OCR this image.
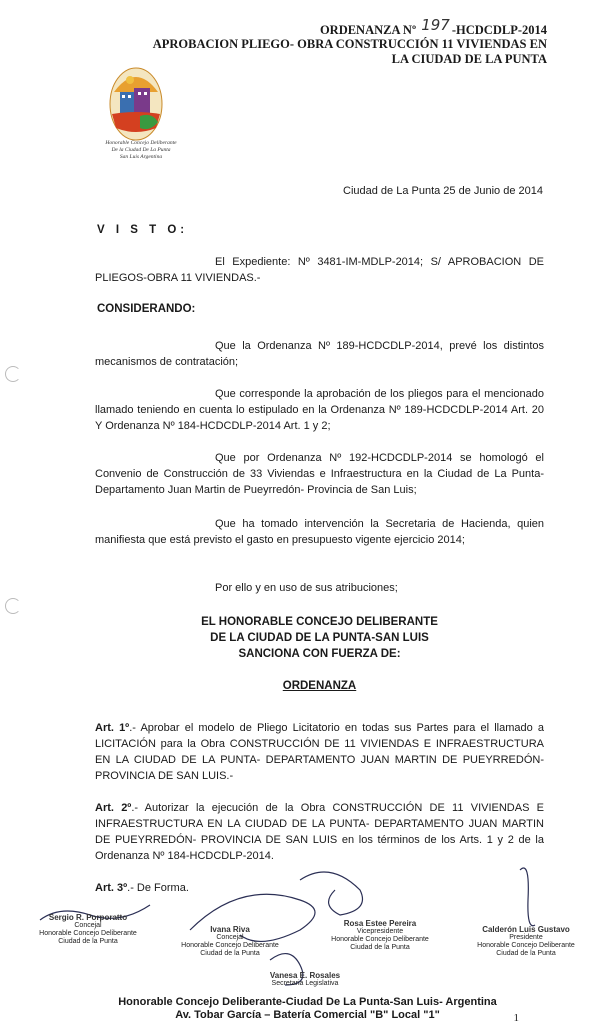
ORDENANZA Nº 197 -HCDCDLP-2014
APROBACION PLIEGO- OBRA CONSTRUCCIÓN 11 VIVIENDAS EN
LA CIUDAD DE LA PUNTA
Honorable Concejo Deliberante
De la Ciudad De La Punta
San Luis Argentina
Ciudad de La Punta 25 de Junio de 2014
V I S T O:
El Expediente: Nº 3481-IM-MDLP-2014; S/ APROBACION DE PLIEGOS-OBRA 11 VIVIENDAS.-
CONSIDERANDO:
Que la Ordenanza Nº 189-HCDCDLP-2014, prevé los distintos mecanismos de contratación;
Que corresponde la aprobación de los pliegos para el mencionado llamado teniendo en cuenta lo estipulado en la Ordenanza Nº 189-HCDCDLP-2014 Art. 20 Y Ordenanza Nº 184-HCDCDLP-2014 Art. 1 y 2;
Que por Ordenanza Nº 192-HCDCDLP-2014 se homologó el Convenio de Construcción de 33 Viviendas e Infraestructura en la Ciudad de La Punta- Departamento Juan Martin de Pueyrredón- Provincia de San Luis;
Que ha tomado intervención la Secretaria de Hacienda, quien manifiesta que está previsto el gasto en presupuesto vigente ejercicio 2014;
Por ello y en uso de sus atribuciones;
EL HONORABLE CONCEJO DELIBERANTE
DE LA CIUDAD DE LA PUNTA-SAN LUIS
SANCIONA CON FUERZA DE:
ORDENANZA
Art. 1º.- Aprobar el modelo de Pliego Licitatorio en todas sus Partes para el llamado a LICITACIÓN para la Obra CONSTRUCCIÓN DE 11 VIVIENDAS E INFRAESTRUCTURA EN LA CIUDAD DE LA PUNTA- DEPARTAMENTO JUAN MARTIN DE PUEYRREDÓN- PROVINCIA DE SAN LUIS.-
Art. 2º.- Autorizar la ejecución de la Obra CONSTRUCCIÓN DE 11 VIVIENDAS E INFRAESTRUCTURA EN LA CIUDAD DE LA PUNTA- DEPARTAMENTO JUAN MARTIN DE PUEYRREDÓN- PROVINCIA DE SAN LUIS en los términos de los Arts. 1 y 2 de la Ordenanza Nº 184-HCDCDLP-2014.
Art. 3º.- De Forma.
Sergio R. Porporatto
Concejal
Honorable Concejo Deliberante
Ciudad de la Punta
Ivana Riva
Concejal
Honorable Concejo Deliberante
Ciudad de la Punta
Rosa Estee Pereira
Vicepresidente
Honorable Concejo Deliberante
Ciudad de la Punta
Calderón Luis Gustavo
Presidente
Honorable Concejo Deliberante
Ciudad de la Punta
Vanesa E. Rosales
Secretaria Legislativa
Honorable Concejo Deliberante-Ciudad De La Punta-San Luis- Argentina
Av. Tobar García – Batería Comercial "B" Local "1"	1
